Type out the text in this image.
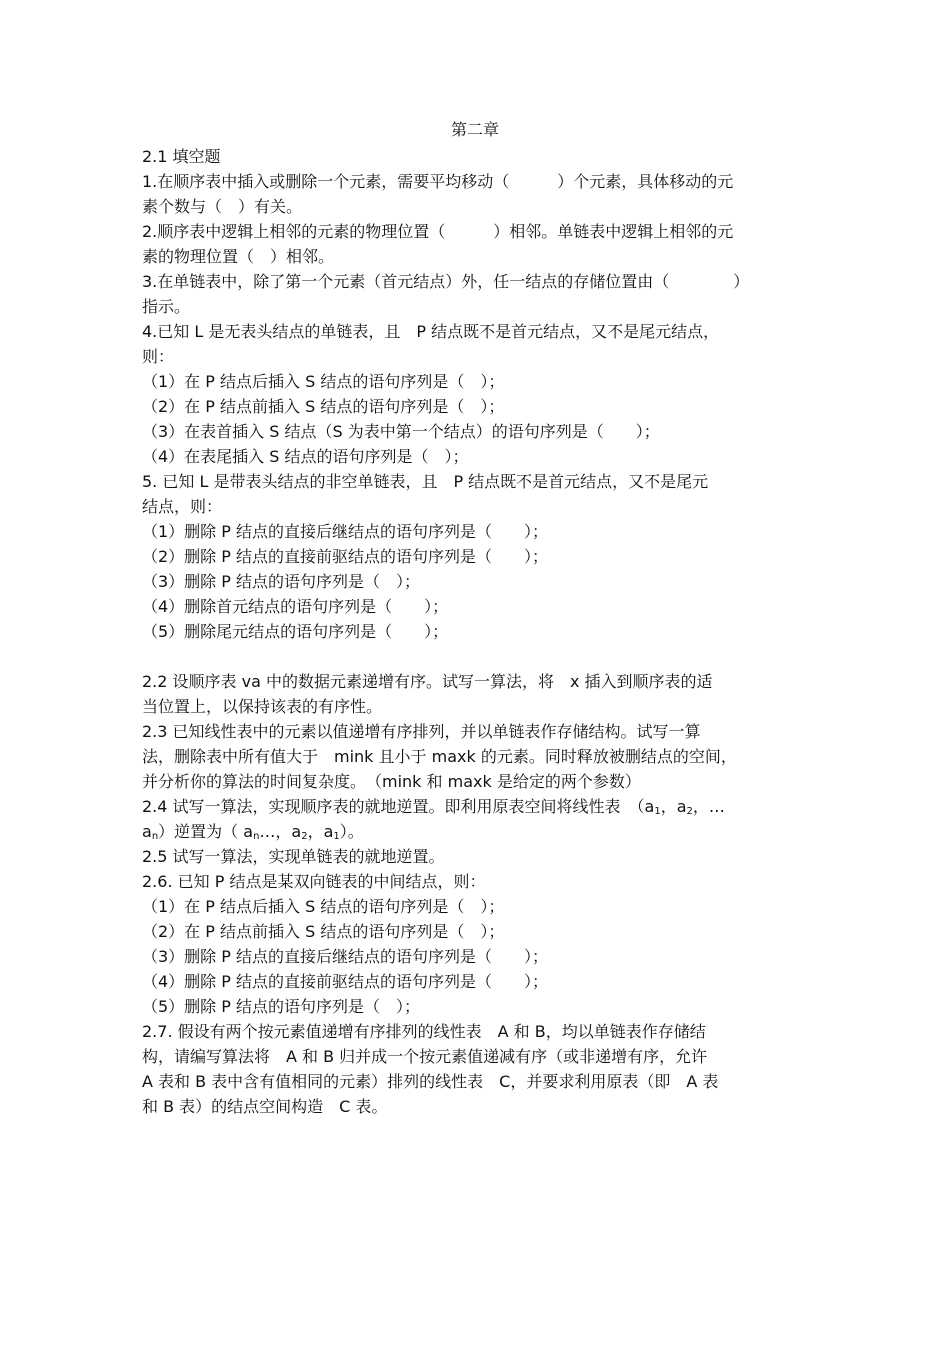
第二章
2.1 填空题
1.在顺序表中插入或删除一个元素，需要平均移动（　　　）个元素，具体移动的元
素个数与（　）有关。
2.顺序表中逻辑上相邻的元素的物理位置（　　　）相邻。单链表中逻辑上相邻的元
素的物理位置（　）相邻。
3.在单链表中，除了第一个元素（首元结点）外，任一结点的存储位置由（　　　　）
指示。
4.已知 L 是无表头结点的单链表，且　P 结点既不是首元结点，又不是尾元结点，
则：
（1）在 P 结点后插入 S 结点的语句序列是（　）；
（2）在 P 结点前插入 S 结点的语句序列是（　）；
（3）在表首插入 S 结点（S 为表中第一个结点）的语句序列是（　　）；
（4）在表尾插入 S 结点的语句序列是（　）；
5. 已知 L 是带表头结点的非空单链表，且　P 结点既不是首元结点，又不是尾元
结点，则：
（1）删除 P 结点的直接后继结点的语句序列是（　　）；
（2）删除 P 结点的直接前驱结点的语句序列是（　　）；
（3）删除 P 结点的语句序列是（　）；
（4）删除首元结点的语句序列是（　　）；
（5）删除尾元结点的语句序列是（　　）；
2.2 设顺序表 va 中的数据元素递增有序。试写一算法，将　x 插入到顺序表的适
当位置上，以保持该表的有序性。
2.3 已知线性表中的元素以值递增有序排列，并以单链表作存储结构。试写一算
法，删除表中所有值大于　mink 且小于 maxk 的元素。同时释放被删结点的空间，
并分析你的算法的时间复杂度。　（mink 和 maxk 是给定的两个参数）
2.4 试写一算法，实现顺序表的就地逆置。即利用原表空间将线性表　（$a_1$，$a_2$，…
$a_n$）逆置为（ $a_n\dots$，$a_2$，$a_1$）。
2.5 试写一算法，实现单链表的就地逆置。
2.6. 已知 P 结点是某双向链表的中间结点，则：
（1）在 P 结点后插入 S 结点的语句序列是（　）；
（2）在 P 结点前插入 S 结点的语句序列是（　）；
（3）删除 P 结点的直接后继结点的语句序列是（　　）；
（4）删除 P 结点的直接前驱结点的语句序列是（　　）；
（5）删除 P 结点的语句序列是（　）；
2.7. 假设有两个按元素值递增有序排列的线性表　A 和 B，均以单链表作存储结
构，请编写算法将　A 和 B 归并成一个按元素值递减有序（或非递增有序，允许
A 表和 B 表中含有值相同的元素）排列的线性表　C，并要求利用原表（即　A 表
和 B 表）的结点空间构造　C 表。
